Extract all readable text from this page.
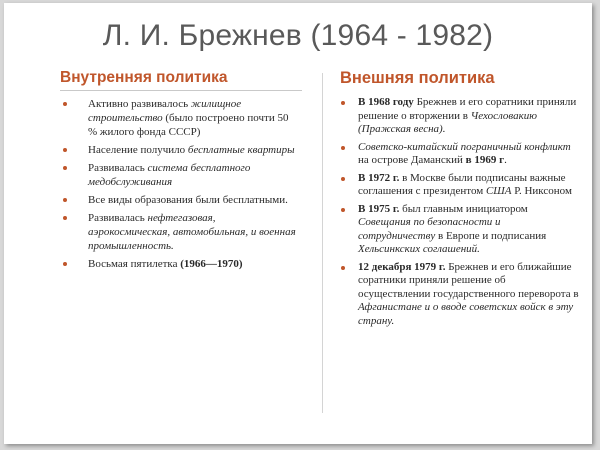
Л. И. Брежнев (1964 - 1982)
Внутренняя политика
Активно развивалось жилищное строительство (было построено почти 50 % жилого фонда СССР)
Население получило бесплатные квартиры
Развивалась система бесплатного медобслуживания
Все виды образования были бесплатными.
Развивалась нефтегазовая, аэрокосмическая, автомобильная, и военная промышленность.
Восьмая пятилетка (1966—1970)
Внешняя политика
В 1968 году Брежнев и его соратники приняли решение о вторжении в Чехословакию (Пражская весна).
Советско-китайский пограничный конфликт на острове Даманский в 1969 г.
В 1972 г. в Москве были подписаны важные соглашения с президентом США Р. Никсоном
В 1975 г. был главным инициатором Совещания по безопасности и сотрудничеству в Европе и подписания Хельсинкских соглашений.
12 декабря 1979 г. Брежнев и его ближайшие соратники приняли решение об осуществлении государственного переворота в Афганистане и о вводе советских войск в эту страну.
